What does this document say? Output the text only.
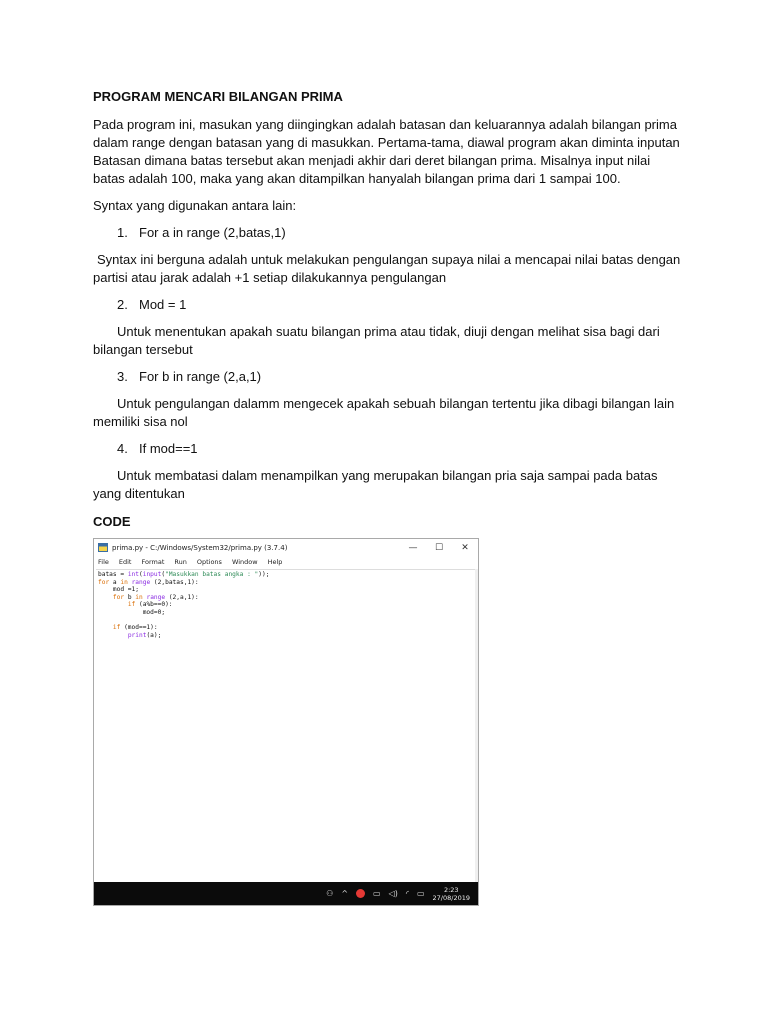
PROGRAM MENCARI BILANGAN PRIMA

Pada program ini, masukan yang diingingkan adalah batasan dan keluarannya adalah bilangan prima dalam range dengan batasan yang di masukkan. Pertama-tama, diawal program akan diminta inputan Batasan dimana batas tersebut akan menjadi akhir dari deret bilangan prima. Misalnya input nilai batas adalah 100, maka yang akan ditampilkan hanyalah bilangan prima dari 1 sampai 100.

Syntax yang digunakan antara lain:

1. For a in range (2,batas,1)

Syntax ini berguna adalah untuk melakukan pengulangan supaya nilai a mencapai nilai batas dengan partisi atau jarak adalah +1 setiap dilakukannya pengulangan

2. Mod = 1

Untuk menentukan apakah suatu bilangan prima atau tidak, diuji dengan melihat sisa bagi dari bilangan tersebut

3. For b in range (2,a,1)

Untuk pengulangan dalamm mengecek apakah sebuah bilangan tertentu jika dibagi bilangan lain memiliki sisa nol

4. If mod==1

Untuk membatasi dalam menampilkan yang merupakan bilangan pria saja sampai pada batas yang ditentukan

CODE

prima.py - C:/Windows/System32/prima.py (3.7.4)	—	☐	✕
File Edit Format Run Options Window Help
batas = int(input("Masukkan batas angka : "));
for a in range (2,batas,1):
mod =1;
for b in range (2,a,1):
if (a%b==0):
mod=0;

if (mod==1):
print(a);
⚇ ^	▭ ◁) ◜ ▭	2:23
27/08/2019
